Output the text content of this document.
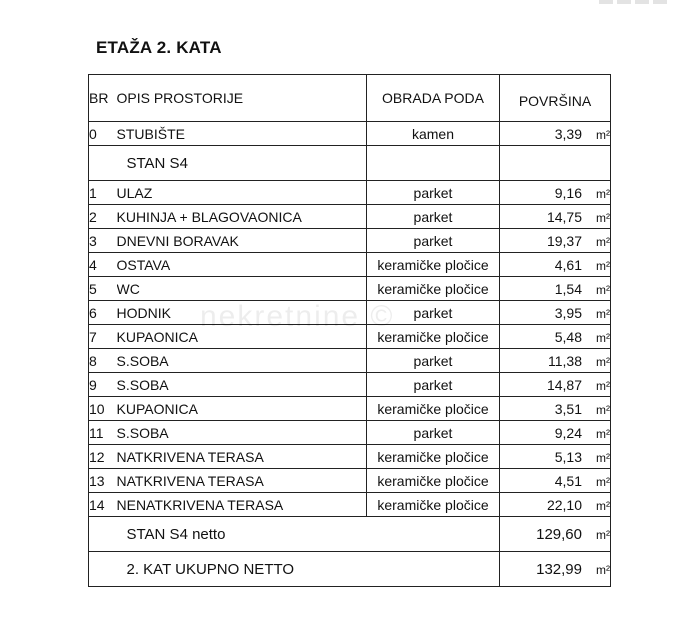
ETAŽA 2. KATA
BR	OPIS PROSTORIJE	OBRADA PODA	POVRŠINA
0	STUBIŠTE	kamen	3,39 m²
	STAN S4		
1	ULAZ	parket	9,16 m²
2	KUHINJA + BLAGOVAONICA	parket	14,75 m²
3	DNEVNI BORAVAK	parket	19,37 m²
4	OSTAVA	keramičke pločice	4,61 m²
5	WC	keramičke pločice	1,54 m²
6	HODNIK	parket	3,95 m²
7	KUPAONICA	keramičke pločice	5,48 m²
8	S.SOBA	parket	11,38 m²
9	S.SOBA	parket	14,87 m²
10	KUPAONICA	keramičke pločice	3,51 m²
11	S.SOBA	parket	9,24 m²
12	NATKRIVENA TERASA	keramičke pločice	5,13 m²
13	NATKRIVENA TERASA	keramičke pločice	4,51 m²
14	NENATKRIVENA TERASA	keramičke pločice	22,10 m²
	STAN S4 netto		129,60 m²
	2. KAT UKUPNO NETTO		132,99 m²
nekretnine ©
